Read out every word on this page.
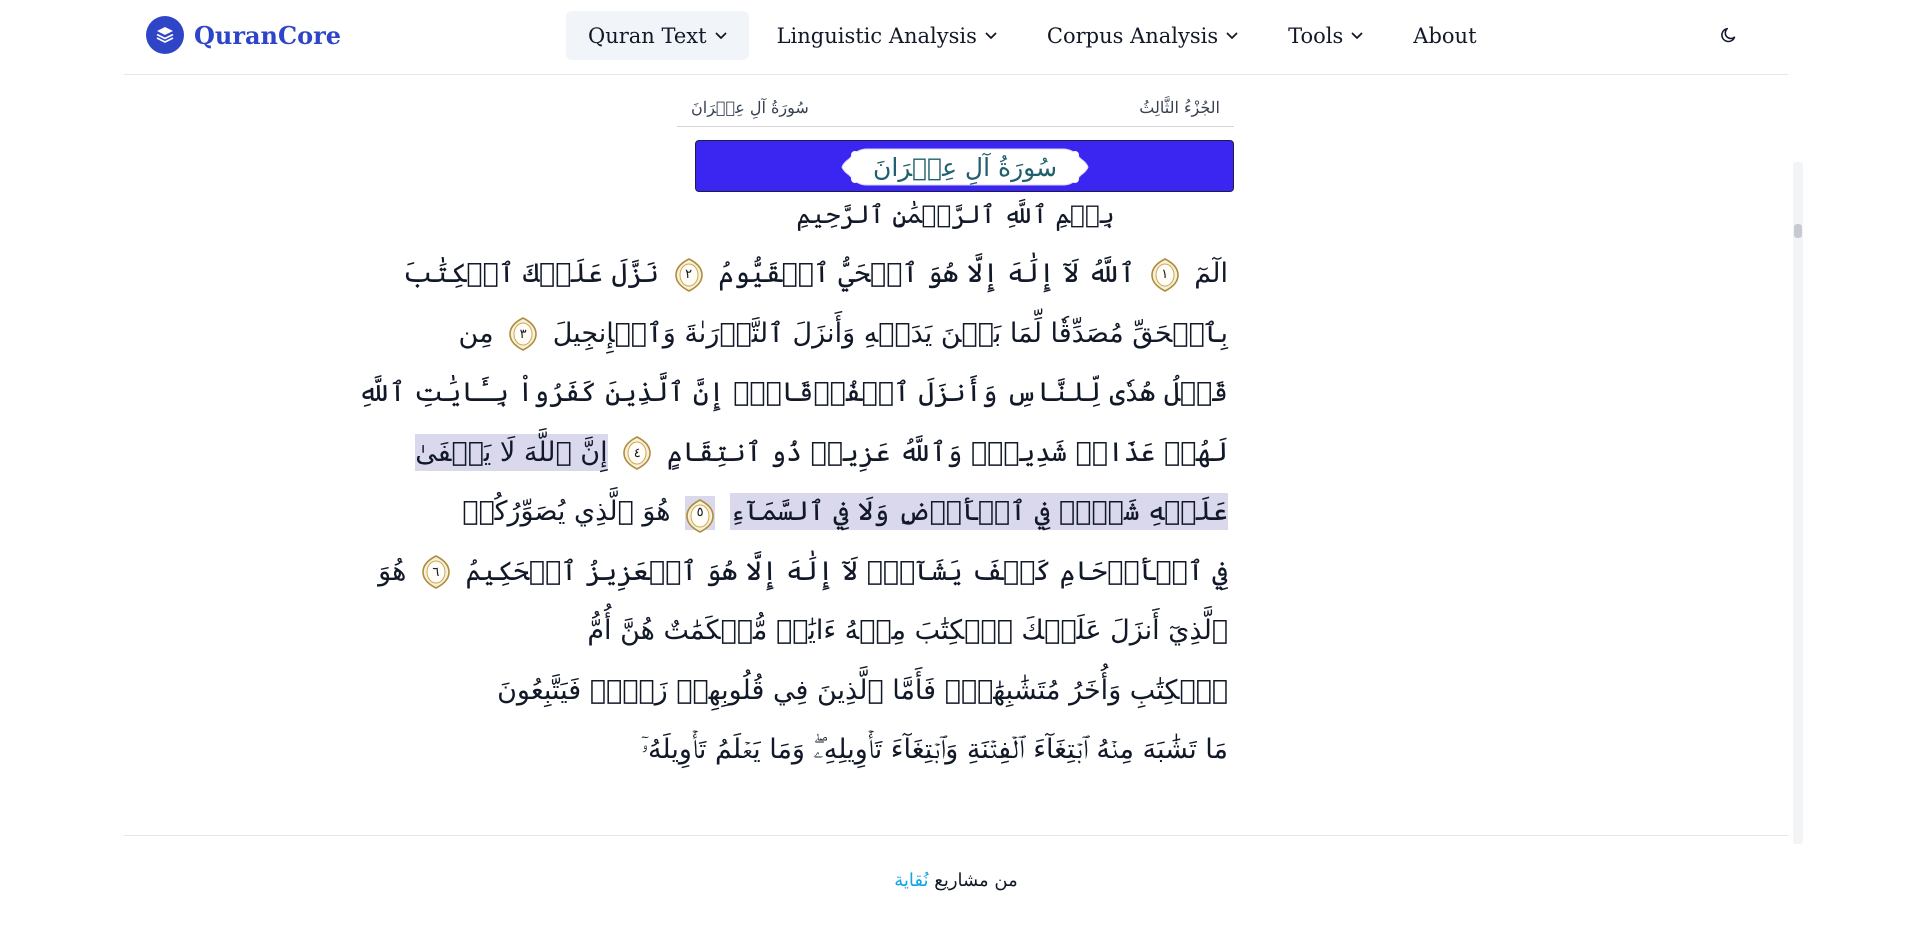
QuranCore	Quran Text	Linguistic Analysis	Corpus Analysis	Tools	About
الجُزْءُ الثَّالِثُ
سُورَةُ آلِ عِمۡرَانَ
سُورَةُ آلِ عِمۡرَانَ
بِسۡمِ ٱللَّهِ ٱلرَّحۡمَٰنِ ٱلرَّحِيمِ
الٓمٓ
١
ٱللَّهُ لَآ إِلَٰهَ إِلَّا هُوَ ٱلۡحَيُّ ٱلۡقَيُّومُ
٢
نَزَّلَ عَلَيۡكَ ٱلۡكِتَٰبَ
بِٱلۡحَقِّ مُصَدِّقٗا لِّمَا بَيۡنَ يَدَيۡهِ وَأَنزَلَ ٱلتَّوۡرَىٰةَ وَٱلۡإِنجِيلَ
٣
مِن
قَبۡلُ هُدٗى لِّلنَّاسِ وَأَنزَلَ ٱلۡفُرۡقَانَۗ إِنَّ ٱلَّذِينَ كَفَرُواْ بِـَٔايَٰتِ ٱللَّهِ
لَهُمۡ عَذَابٞ شَدِيدٞۗ وَٱللَّهُ عَزِيزٞ ذُو ٱنتِقَامٍ
٤
إِنَّ ٱللَّهَ لَا يَخۡفَىٰ
عَلَيۡهِ شَيۡءٞ فِي ٱلۡأَرۡضِ وَلَا فِي ٱلسَّمَآءِ
٥
هُوَ ٱلَّذِي يُصَوِّرُكُمۡ
فِي ٱلۡأَرۡحَامِ كَيۡفَ يَشَآءُۚ لَآ إِلَٰهَ إِلَّا هُوَ ٱلۡعَزِيزُ ٱلۡحَكِيمُ
٦
هُوَ
ٱلَّذِيٓ أَنزَلَ عَلَيۡكَ ٱلۡكِتَٰبَ مِنۡهُ ءَايَٰتٞ مُّحۡكَمَٰتٌ هُنَّ أُمُّ
ٱلۡكِتَٰبِ وَأُخَرُ مُتَشَٰبِهَٰتٞۖ فَأَمَّا ٱلَّذِينَ فِي قُلُوبِهِمۡ زَيۡغٞ فَيَتَّبِعُونَ
مَا تَشَٰبَهَ مِنۡهُ ٱبۡتِغَآءَ ٱلۡفِتۡنَةِ وَٱبۡتِغَآءَ تَأۡوِيلِهِۦۖ وَمَا يَعۡلَمُ تَأۡوِيلَهُۥٓ
من مشاريع نُقاية
